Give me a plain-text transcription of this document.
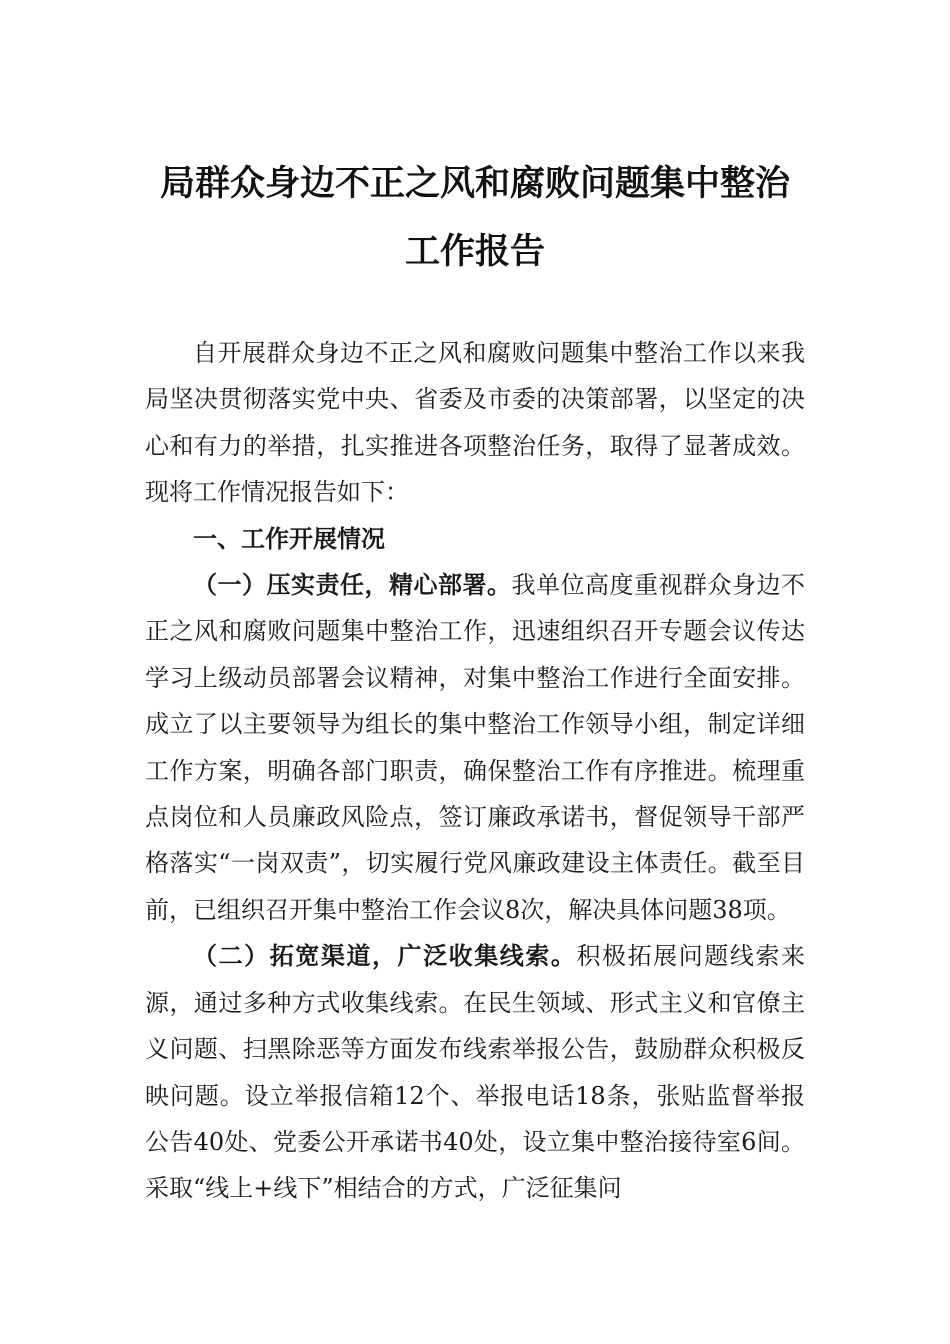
局群众身边不正之风和腐败问题集中整治
工作报告

自开展群众身边不正之风和腐败问题集中整治工作以来我局坚决贯彻落实党中央、省委及市委的决策部署，以坚定的决心和有力的举措，扎实推进各项整治任务，取得了显著成效。现将工作情况报告如下：

一、工作开展情况

（一）压实责任，精心部署。我单位高度重视群众身边不正之风和腐败问题集中整治工作，迅速组织召开专题会议传达学习上级动员部署会议精神，对集中整治工作进行全面安排。成立了以主要领导为组长的集中整治工作领导小组，制定详细工作方案，明确各部门职责，确保整治工作有序推进。梳理重点岗位和人员廉政风险点，签订廉政承诺书，督促领导干部严格落实“一岗双责”，切实履行党风廉政建设主体责任。截至目前，已组织召开集中整治工作会议8次，解决具体问题38项。

（二）拓宽渠道，广泛收集线索。积极拓展问题线索来源，通过多种方式收集线索。在民生领域、形式主义和官僚主义问题、扫黑除恶等方面发布线索举报公告，鼓励群众积极反映问题。设立举报信箱12个、举报电话18条，张贴监督举报公告40处、党委公开承诺书40处，设立集中整治接待室6间。采取“线上+线下”相结合的方式，广泛征集问
